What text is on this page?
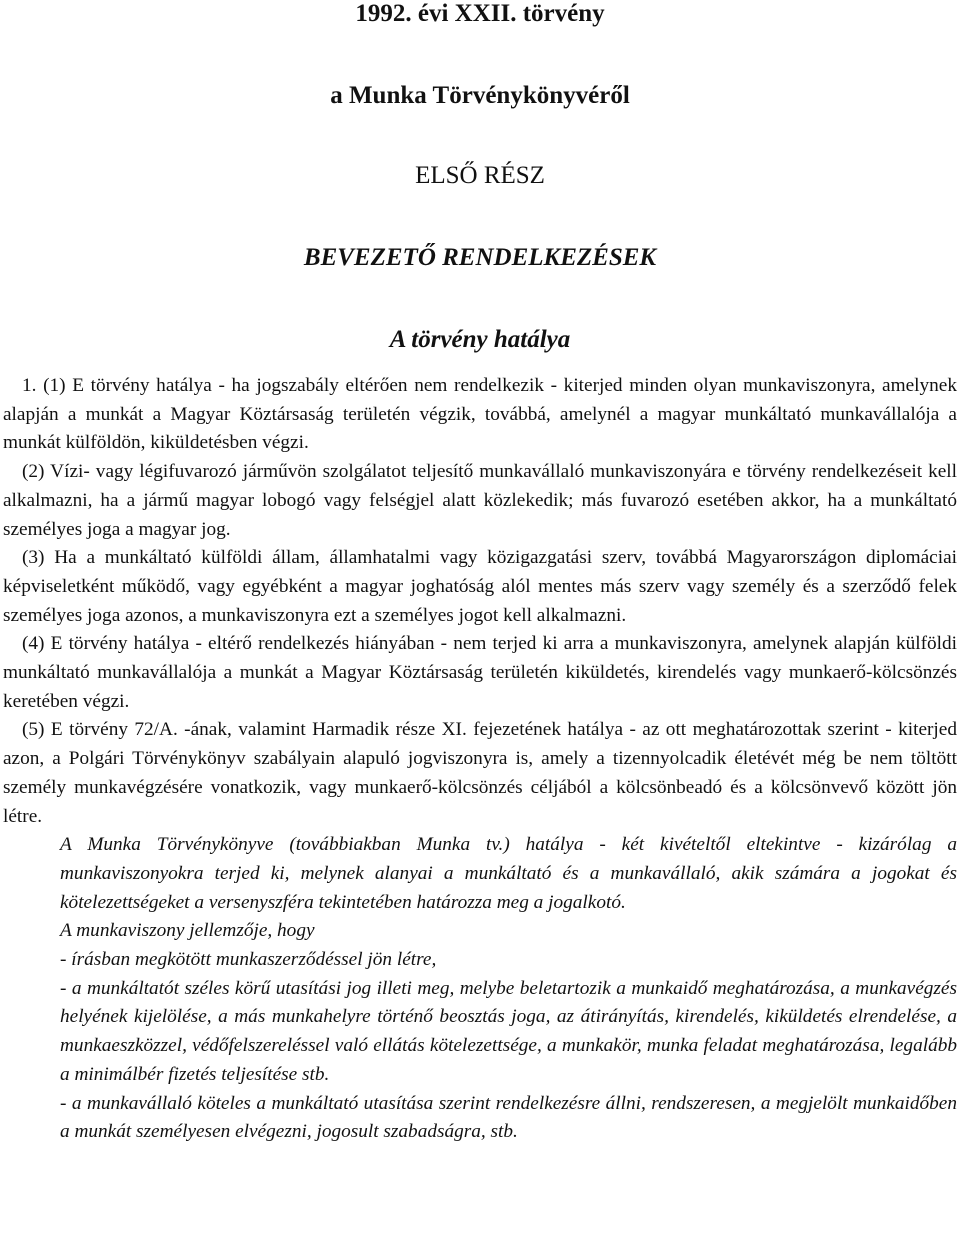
1992. évi XXII. törvény
a Munka Törvénykönyvéről
ELSŐ RÉSZ
BEVEZETŐ RENDELKEZÉSEK
A törvény hatálya

1. (1) E törvény hatálya - ha jogszabály eltérően nem rendelkezik - kiterjed minden olyan munkaviszonyra, amelynek alapján a munkát a Magyar Köztársaság területén végzik, továbbá, amelynél a magyar munkáltató munkavállalója a munkát külföldön, kiküldetésben végzi.

(2) Vízi- vagy légifuvarozó járművön szolgálatot teljesítő munkavállaló munkaviszonyára e törvény rendelkezéseit kell alkalmazni, ha a jármű magyar lobogó vagy felségjel alatt közlekedik; más fuvarozó esetében akkor, ha a munkáltató személyes joga a magyar jog.

(3) Ha a munkáltató külföldi állam, államhatalmi vagy közigazgatási szerv, továbbá Magyarországon diplomáciai képviseletként működő, vagy egyébként a magyar joghatóság alól mentes más szerv vagy személy és a szerződő felek személyes joga azonos, a munkaviszonyra ezt a személyes jogot kell alkalmazni.

(4) E törvény hatálya - eltérő rendelkezés hiányában - nem terjed ki arra a munkaviszonyra, amelynek alapján külföldi munkáltató munkavállalója a munkát a Magyar Köztársaság területén kiküldetés, kirendelés vagy munkaerő-kölcsönzés keretében végzi.

(5) E törvény 72/A. -ának, valamint Harmadik része XI. fejezetének hatálya - az ott meghatározottak szerint - kiterjed azon, a Polgári Törvénykönyv szabályain alapuló jogviszonyra is, amely a tizennyolcadik életévét még be nem töltött személy munkavégzésére vonatkozik, vagy munkaerő-kölcsönzés céljából a kölcsönbeadó és a kölcsönvevő között jön létre.

A Munka Törvénykönyve (továbbiakban Munka tv.) hatálya - két kivételtől eltekintve - kizárólag a munkaviszonyokra terjed ki, melynek alanyai a munkáltató és a munkavállaló, akik számára a jogokat és kötelezettségeket a versenyszféra tekintetében határozza meg a jogalkotó.

A munkaviszony jellemzője, hogy

- írásban megkötött munkaszerződéssel jön létre,

- a munkáltatót széles körű utasítási jog illeti meg, melybe beletartozik a munkaidő meghatározása, a munkavégzés helyének kijelölése, a más munkahelyre történő beosztás joga, az átirányítás, kirendelés, kiküldetés elrendelése, a munkaeszközzel, védőfelszereléssel való ellátás kötelezettsége, a munkakör, munka feladat meghatározása, legalább a minimálbér fizetés teljesítése stb.

- a munkavállaló köteles a munkáltató utasítása szerint rendelkezésre állni, rendszeresen, a megjelölt munkaidőben a munkát személyesen elvégezni, jogosult szabadságra, stb.
